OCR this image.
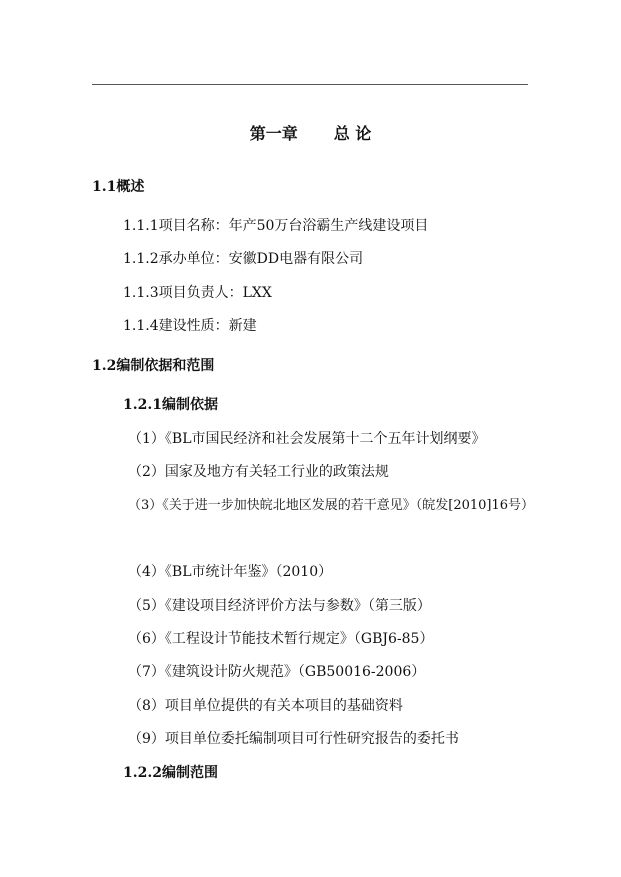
第一章 总 论
1.1概述
1.1.1项目名称：年产50万台浴霸生产线建设项目
1.1.2承办单位：安徽DD电器有限公司
1.1.3项目负责人：LXX
1.1.4建设性质：新建
1.2编制依据和范围
1.2.1编制依据
（1）《BL市国民经济和社会发展第十二个五年计划纲要》
（2）国家及地方有关轻工行业的政策法规
（3）《关于进一步加快皖北地区发展的若干意见》（皖发[2010]16号）
（4）《BL市统计年鉴》（2010）
（5）《建设项目经济评价方法与参数》（第三版）
（6）《工程设计节能技术暂行规定》（GBJ6-85）
（7）《建筑设计防火规范》（GB50016-2006）
（8）项目单位提供的有关本项目的基础资料
（9）项目单位委托编制项目可行性研究报告的委托书
1.2.2编制范围
